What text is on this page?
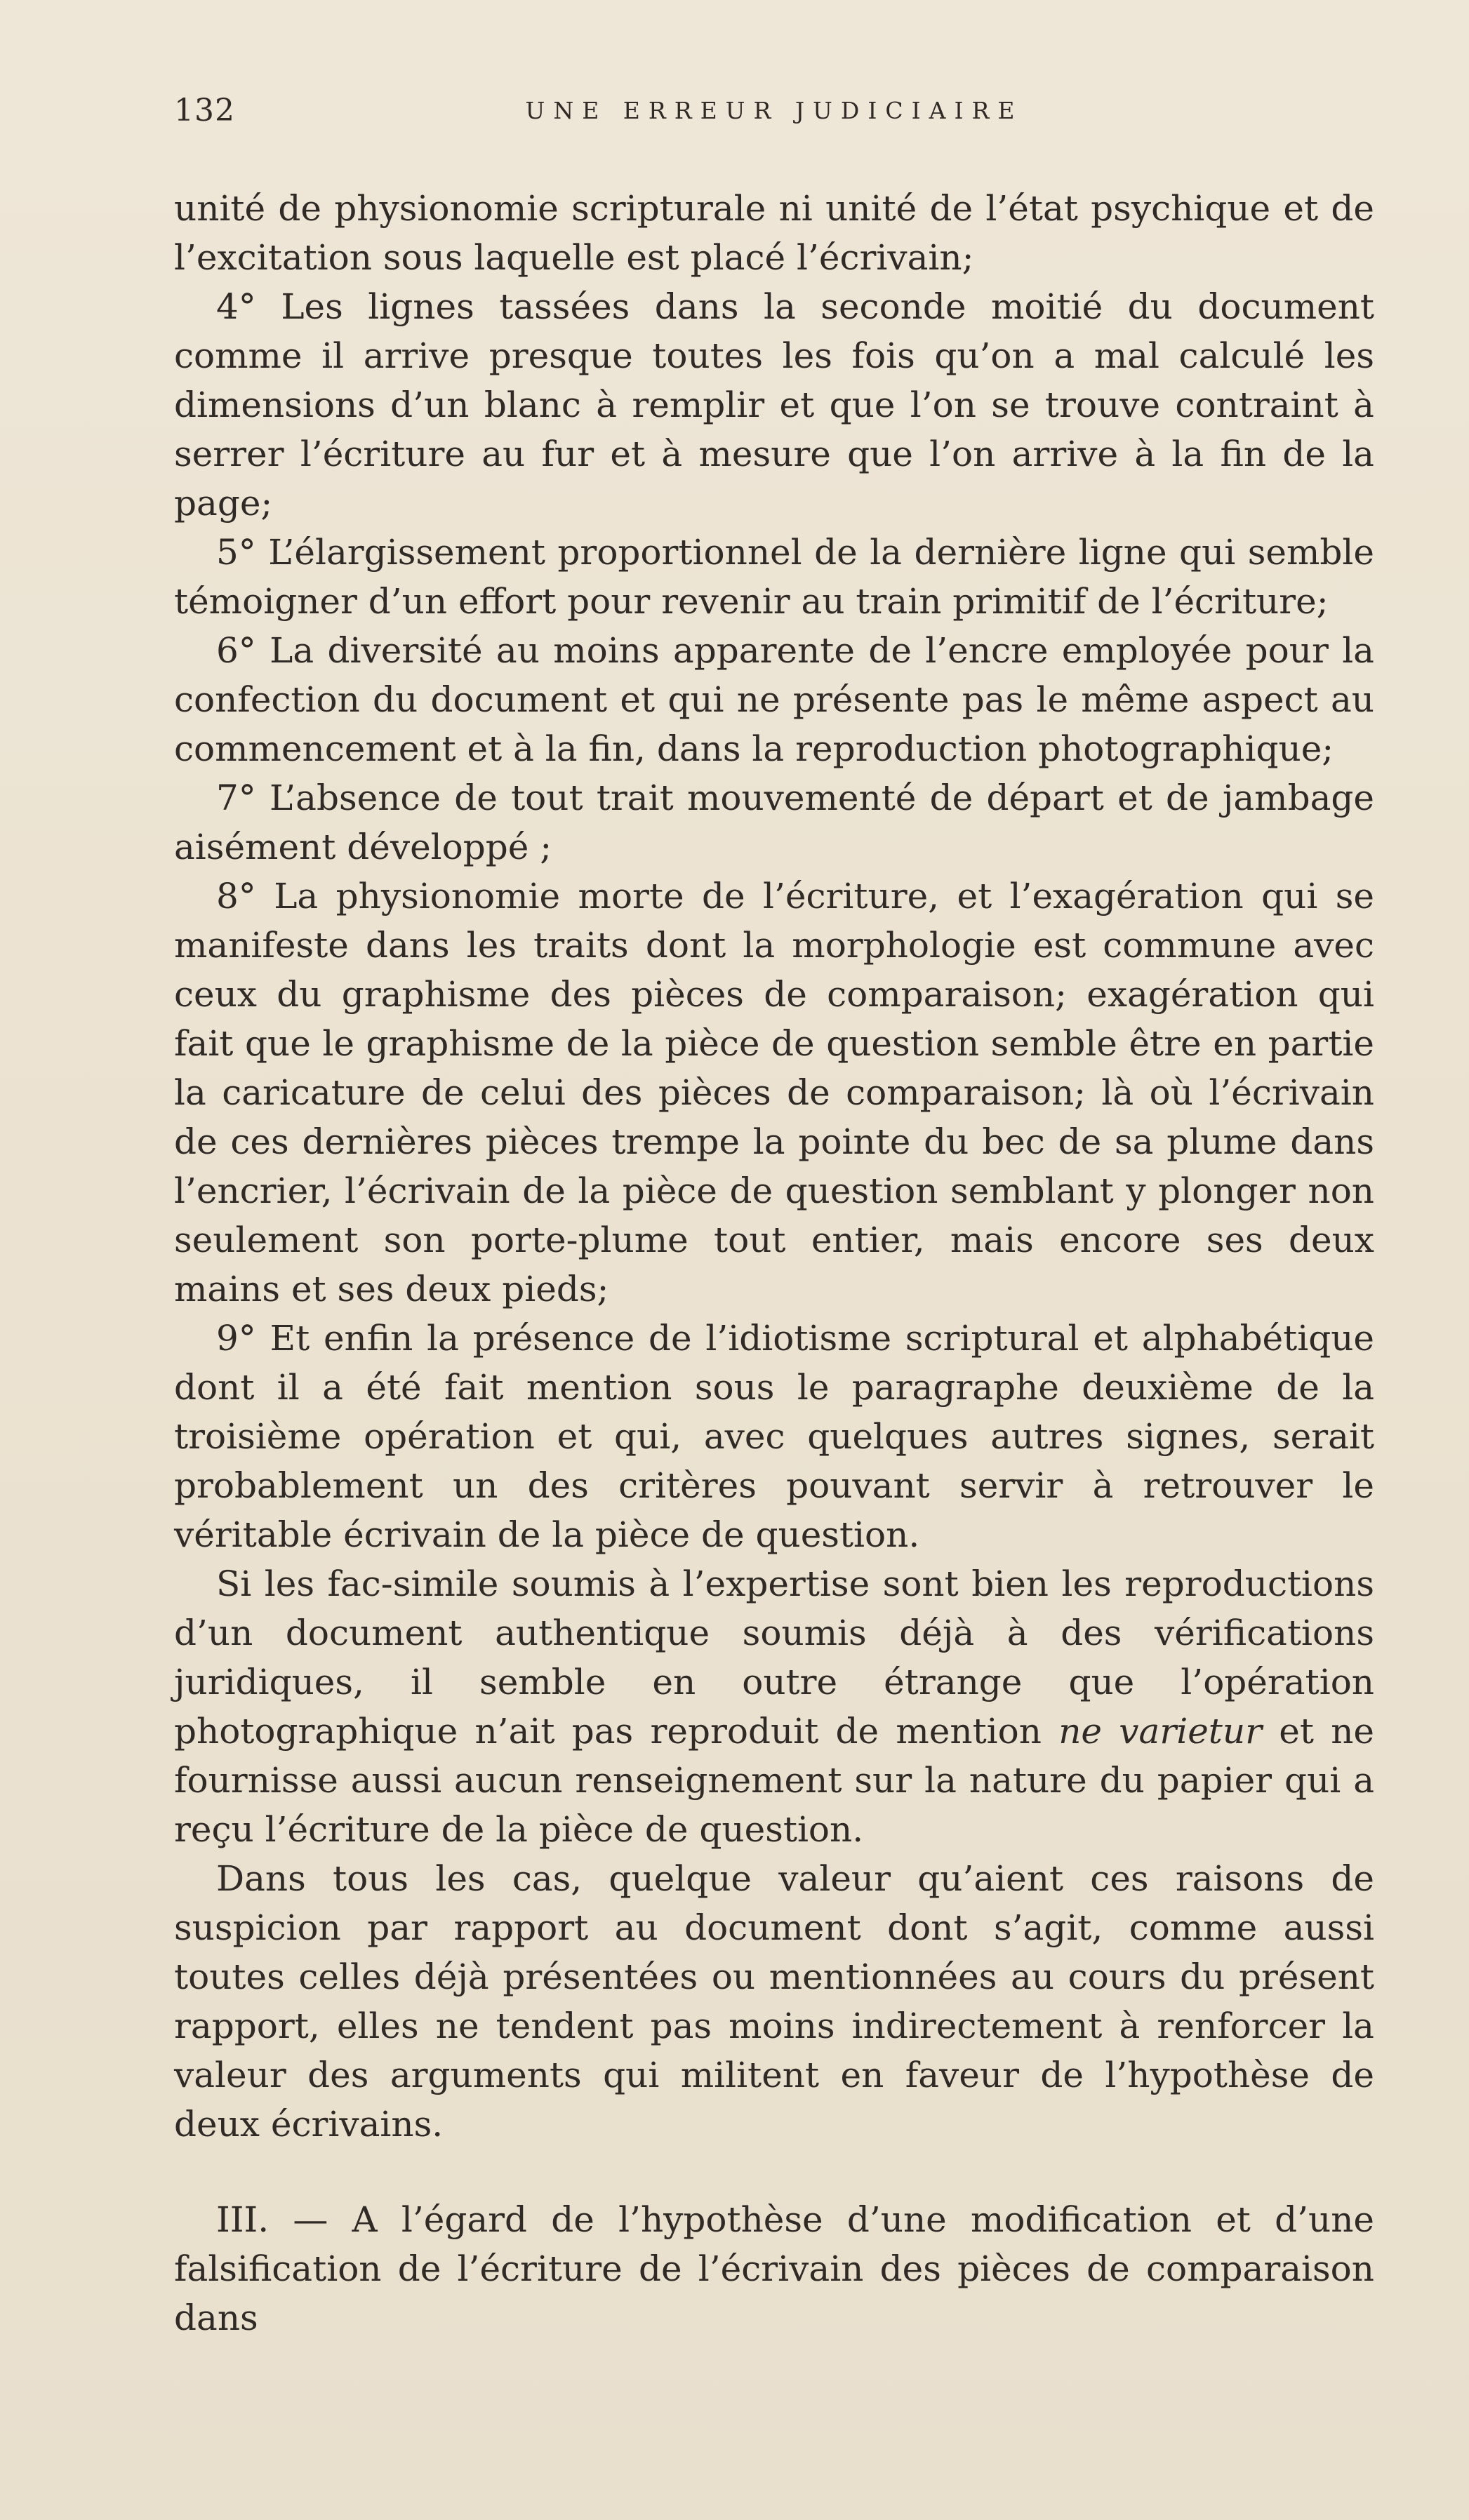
132	UNE ERREUR JUDICIAIRE

unité de physionomie scripturale ni unité de l’état psychique et de l’excitation sous laquelle est placé l’écrivain;

4° Les lignes tassées dans la seconde moitié du document comme il arrive presque toutes les fois qu’on a mal calculé les dimensions d’un blanc à remplir et que l’on se trouve contraint à serrer l’écriture au fur et à mesure que l’on arrive à la fin de la page;

5° L’élargissement proportionnel de la dernière ligne qui semble témoigner d’un effort pour revenir au train primitif de l’écriture;

6° La diversité au moins apparente de l’encre employée pour la confection du document et qui ne présente pas le même aspect au commencement et à la fin, dans la reproduction photographique;

7° L’absence de tout trait mouvementé de départ et de jambage aisément développé ;

8° La physionomie morte de l’écriture, et l’exagération qui se manifeste dans les traits dont la morphologie est commune avec ceux du graphisme des pièces de comparaison; exagération qui fait que le graphisme de la pièce de question semble être en partie la caricature de celui des pièces de comparaison; là où l’écrivain de ces dernières pièces trempe la pointe du bec de sa plume dans l’encrier, l’écrivain de la pièce de question semblant y plonger non seulement son porte-plume tout entier, mais encore ses deux mains et ses deux pieds;

9° Et enfin la présence de l’idiotisme scriptural et alphabétique dont il a été fait mention sous le paragraphe deuxième de la troisième opération et qui, avec quelques autres signes, serait probablement un des critères pouvant servir à retrouver le véritable écrivain de la pièce de question.

Si les fac-simile soumis à l’expertise sont bien les reproductions d’un document authentique soumis déjà à des vérifications juridiques, il semble en outre étrange que l’opération photographique n’ait pas reproduit de mention ne varietur et ne fournisse aussi aucun renseignement sur la nature du papier qui a reçu l’écriture de la pièce de question.

Dans tous les cas, quelque valeur qu’aient ces raisons de suspicion par rapport au document dont s’agit, comme aussi toutes celles déjà présentées ou mentionnées au cours du présent rapport, elles ne tendent pas moins indirectement à renforcer la valeur des arguments qui militent en faveur de l’hypothèse de deux écrivains.

III. — A l’égard de l’hypothèse d’une modification et d’une falsification de l’écriture de l’écrivain des pièces de comparaison dans
